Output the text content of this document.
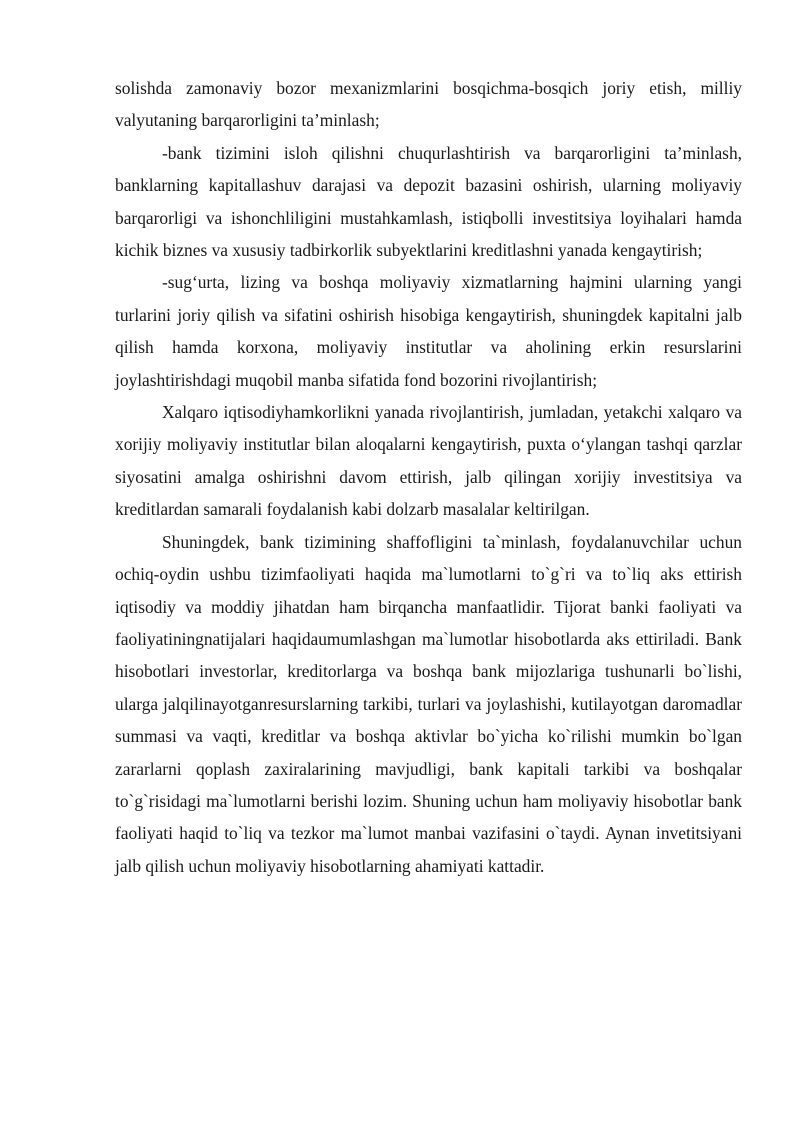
solishda zamonaviy bozor mexanizmlarini bosqichma-bosqich joriy etish, milliy valyutaning barqarorligini ta’minlash;

-bank tizimini isloh qilishni chuqurlashtirish va barqarorligini ta’minlash, banklarning kapitallashuv darajasi va depozit bazasini oshirish, ularning moliyaviy barqarorligi va ishonchliligini mustahkamlash, istiqbolli investitsiya loyihalari hamda kichik biznes va xususiy tadbirkorlik subyektlarini kreditlashni yanada kengaytirish;

-sug‘urta, lizing va boshqa moliyaviy xizmatlarning hajmini ularning yangi turlarini joriy qilish va sifatini oshirish hisobiga kengaytirish, shuningdek kapitalni jalb qilish hamda korxona, moliyaviy institutlar va aholining erkin resurslarini joylashtirishdagi muqobil manba sifatida fond bozorini rivojlantirish;

Xalqaro iqtisodiyhamkorlikni yanada rivojlantirish, jumladan, yetakchi xalqaro va xorijiy moliyaviy institutlar bilan aloqalarni kengaytirish, puxta o‘ylangan tashqi qarzlar siyosatini amalga oshirishni davom ettirish, jalb qilingan xorijiy investitsiya va kreditlardan samarali foydalanish kabi dolzarb masalalar keltirilgan.

Shuningdek, bank tizimining shaffofligini ta`minlash, foydalanuvchilar uchun ochiq-oydin ushbu tizimfaoliyati haqida ma`lumotlarni to`g`ri va to`liq aks ettirish iqtisodiy va moddiy jihatdan ham birqancha manfaatlidir. Tijorat banki faoliyati va faoliyatiningnatijalari haqidaumumlashgan ma`lumotlar hisobotlarda aks ettiriladi. Bank hisobotlari investorlar, kreditorlarga va boshqa bank mijozlariga tushunarli bo`lishi, ularga jalqilinayotganresurslarning tarkibi, turlari va joylashishi, kutilayotgan daromadlar summasi va vaqti, kreditlar va boshqa aktivlar bo`yicha ko`rilishi mumkin bo`lgan zararlarni qoplash zaxiralarining mavjudligi, bank kapitali tarkibi va boshqalar to`g`risidagi ma`lumotlarni berishi lozim. Shuning uchun ham moliyaviy hisobotlar bank faoliyati haqid to`liq va tezkor ma`lumot manbai vazifasini o`taydi. Aynan invetitsiyani jalb qilish uchun moliyaviy hisobotlarning ahamiyati kattadir.
